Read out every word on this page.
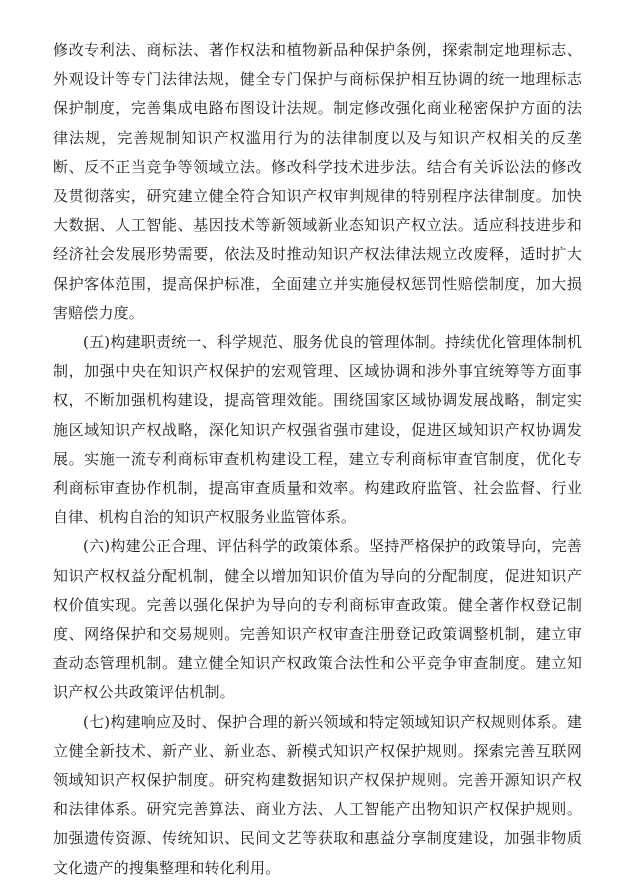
修改专利法、商标法、著作权法和植物新品种保护条例，探索制定地理标志、外观设计等专门法律法规，健全专门保护与商标保护相互协调的统一地理标志保护制度，完善集成电路布图设计法规。制定修改强化商业秘密保护方面的法律法规，完善规制知识产权滥用行为的法律制度以及与知识产权相关的反垄断、反不正当竞争等领域立法。修改科学技术进步法。结合有关诉讼法的修改及贯彻落实，研究建立健全符合知识产权审判规律的特别程序法律制度。加快大数据、人工智能、基因技术等新领域新业态知识产权立法。适应科技进步和经济社会发展形势需要，依法及时推动知识产权法律法规立改废释，适时扩大保护客体范围，提高保护标准，全面建立并实施侵权惩罚性赔偿制度，加大损害赔偿力度。

(五)构建职责统一、科学规范、服务优良的管理体制。持续优化管理体制机制，加强中央在知识产权保护的宏观管理、区域协调和涉外事宜统筹等方面事权，不断加强机构建设，提高管理效能。围绕国家区域协调发展战略，制定实施区域知识产权战略，深化知识产权强省强市建设，促进区域知识产权协调发展。实施一流专利商标审查机构建设工程，建立专利商标审查官制度，优化专利商标审查协作机制，提高审查质量和效率。构建政府监管、社会监督、行业自律、机构自治的知识产权服务业监管体系。

(六)构建公正合理、评估科学的政策体系。坚持严格保护的政策导向，完善知识产权权益分配机制，健全以增加知识价值为导向的分配制度，促进知识产权价值实现。完善以强化保护为导向的专利商标审查政策。健全著作权登记制度、网络保护和交易规则。完善知识产权审查注册登记政策调整机制，建立审查动态管理机制。建立健全知识产权政策合法性和公平竞争审查制度。建立知识产权公共政策评估机制。

(七)构建响应及时、保护合理的新兴领域和特定领域知识产权规则体系。建立健全新技术、新产业、新业态、新模式知识产权保护规则。探索完善互联网领域知识产权保护制度。研究构建数据知识产权保护规则。完善开源知识产权和法律体系。研究完善算法、商业方法、人工智能产出物知识产权保护规则。加强遗传资源、传统知识、民间文艺等获取和惠益分享制度建设，加强非物质文化遗产的搜集整理和转化利用。
